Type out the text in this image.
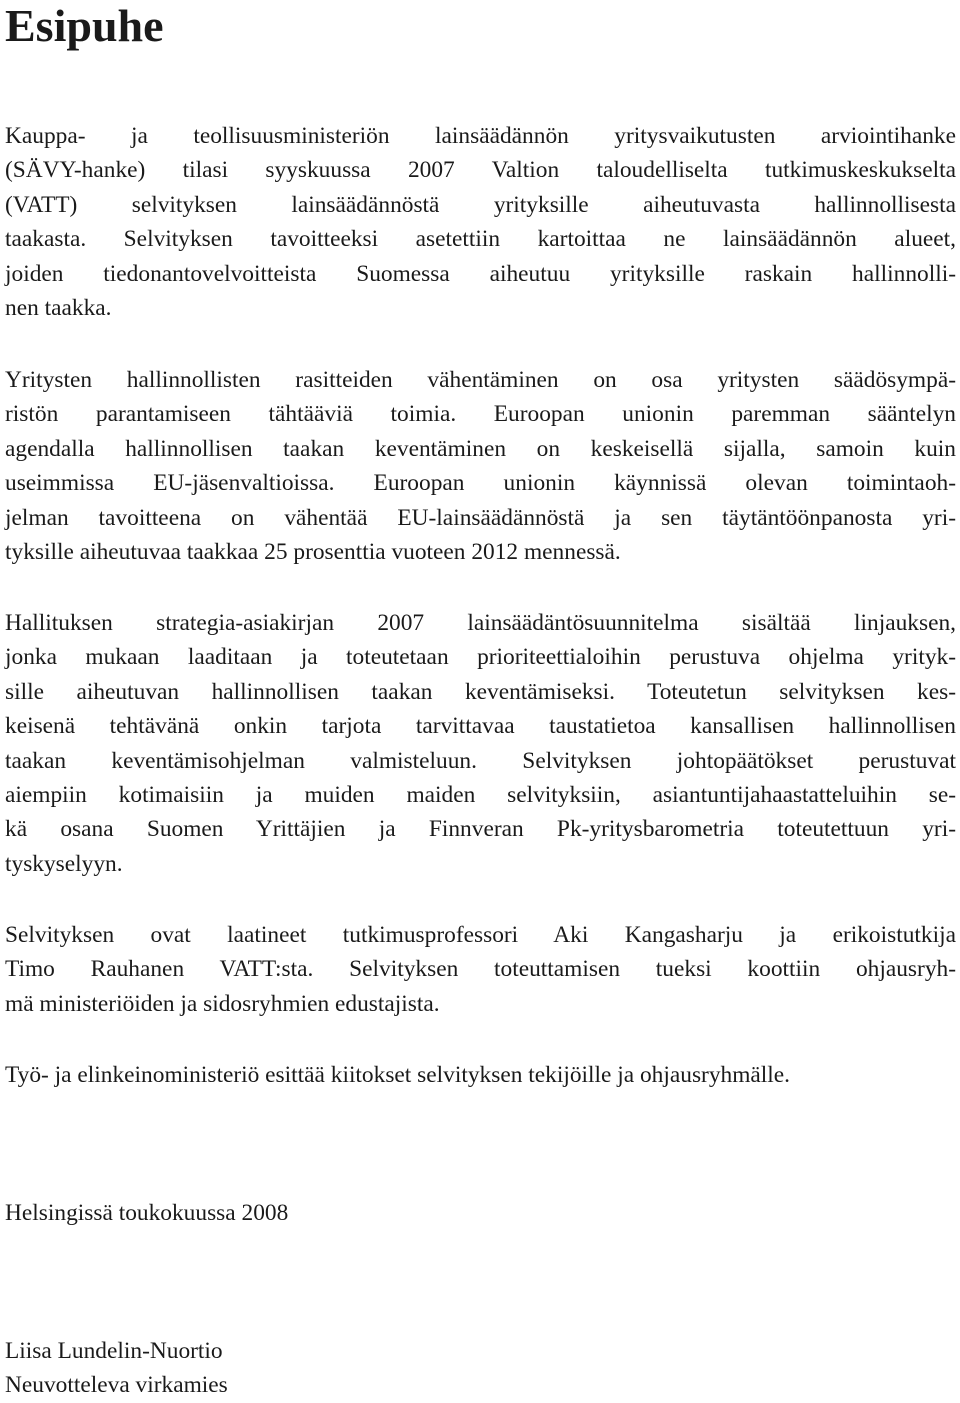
Esipuhe

Kauppa- ja teollisuusministeriön lainsäädännön yritysvaikutusten arviointihanke
(SÄVY-hanke) tilasi syyskuussa 2007 Valtion taloudelliselta tutkimuskeskukselta
(VATT) selvityksen lainsäädännöstä yrityksille aiheutuvasta hallinnollisesta
taakasta. Selvityksen tavoitteeksi asetettiin kartoittaa ne lainsäädännön alueet,
joiden tiedonantovelvoitteista Suomessa aiheutuu yrityksille raskain hallinnolli-
nen taakka.

Yritysten hallinnollisten rasitteiden vähentäminen on osa yritysten säädösympä-
ristön parantamiseen tähtääviä toimia. Euroopan unionin paremman sääntelyn
agendalla hallinnollisen taakan keventäminen on keskeisellä sijalla, samoin kuin
useimmissa EU-jäsenvaltioissa. Euroopan unionin käynnissä olevan toimintaoh-
jelman tavoitteena on vähentää EU-lainsäädännöstä ja sen täytäntöönpanosta yri-
tyksille aiheutuvaa taakkaa 25 prosenttia vuoteen 2012 mennessä.

Hallituksen strategia-asiakirjan 2007 lainsäädäntösuunnitelma sisältää linjauksen,
jonka mukaan laaditaan ja toteutetaan prioriteettialoihin perustuva ohjelma yrityk-
sille aiheutuvan hallinnollisen taakan keventämiseksi. Toteutetun selvityksen kes-
keisenä tehtävänä onkin tarjota tarvittavaa taustatietoa kansallisen hallinnollisen
taakan keventämisohjelman valmisteluun. Selvityksen johtopäätökset perustuvat
aiempiin kotimaisiin ja muiden maiden selvityksiin, asiantuntijahaastatteluihin se-
kä osana Suomen Yrittäjien ja Finnveran Pk-yritysbarometria toteutettuun yri-
tyskyselyyn.

Selvityksen ovat laatineet tutkimusprofessori Aki Kangasharju ja erikoistutkija
Timo Rauhanen VATT:sta. Selvityksen toteuttamisen tueksi koottiin ohjausryh-
mä ministeriöiden ja sidosryhmien edustajista.

Työ- ja elinkeinoministeriö esittää kiitokset selvityksen tekijöille ja ohjausryhmälle.

Helsingissä toukokuussa 2008

Liisa Lundelin-Nuortio
Neuvotteleva virkamies
